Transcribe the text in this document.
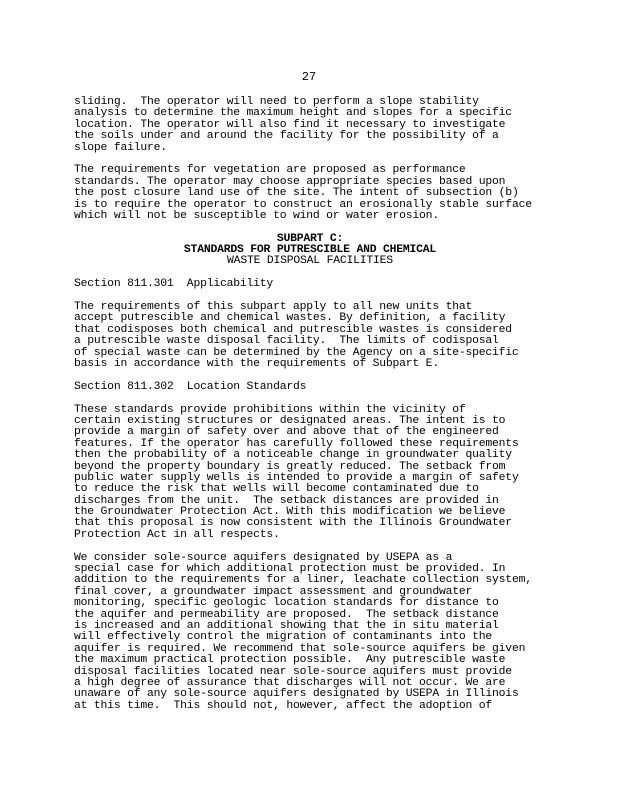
27
sliding.  The operator will need to perform a slope stability
analysis to determine the maximum height and slopes for a specific
location. The operator will also find it necessary to investigate
the soils under and around the facility for the possibility of a
slope failure.
The requirements for vegetation are proposed as performance
standards. The operator may choose appropriate species based upon
the post closure land use of the site. The intent of subsection (b)
is to require the operator to construct an erosionally stable surface
which will not be susceptible to wind or water erosion.
SUBPART C:
STANDARDS FOR PUTRESCIBLE AND CHEMICAL
WASTE DISPOSAL FACILITIES
Section 811.301  Applicability
The requirements of this subpart apply to all new units that
accept putrescible and chemical wastes. By definition, a facility
that codisposes both chemical and putrescible wastes is considered
a putrescible waste disposal facility.  The limits of codisposal
of special waste can be determined by the Agency on a site-specific
basis in accordance with the requirements of Subpart E.
Section 811.302  Location Standards
These standards provide prohibitions within the vicinity of
certain existing structures or designated areas. The intent is to
provide a margin of safety over and above that of the engineered
features. If the operator has carefully followed these requirements
then the probability of a noticeable change in groundwater quality
beyond the property boundary is greatly reduced. The setback from
public water supply wells is intended to provide a margin of safety
to reduce the risk that wells will become contaminated due to
discharges from the unit.  The setback distances are provided in
the Groundwater Protection Act. With this modification we believe
that this proposal is now consistent with the Illinois Groundwater
Protection Act in all respects.
We consider sole-source aquifers designated by USEPA as a
special case for which additional protection must be provided. In
addition to the requirements for a liner, leachate collection system,
final cover, a groundwater impact assessment and groundwater
monitoring, specific geologic location standards for distance to
the aquifer and permeability are proposed.  The setback distance
is increased and an additional showing that the in situ material
will effectively control the migration of contaminants into the
aquifer is required. We recommend that sole-source aquifers be given
the maximum practical protection possible.  Any putrescible waste
disposal facilities located near sole-source aquifers must provide
a high degree of assurance that discharges will not occur. We are
unaware of any sole-source aquifers designated by USEPA in Illinois
at this time.  This should not, however, affect the adoption of
